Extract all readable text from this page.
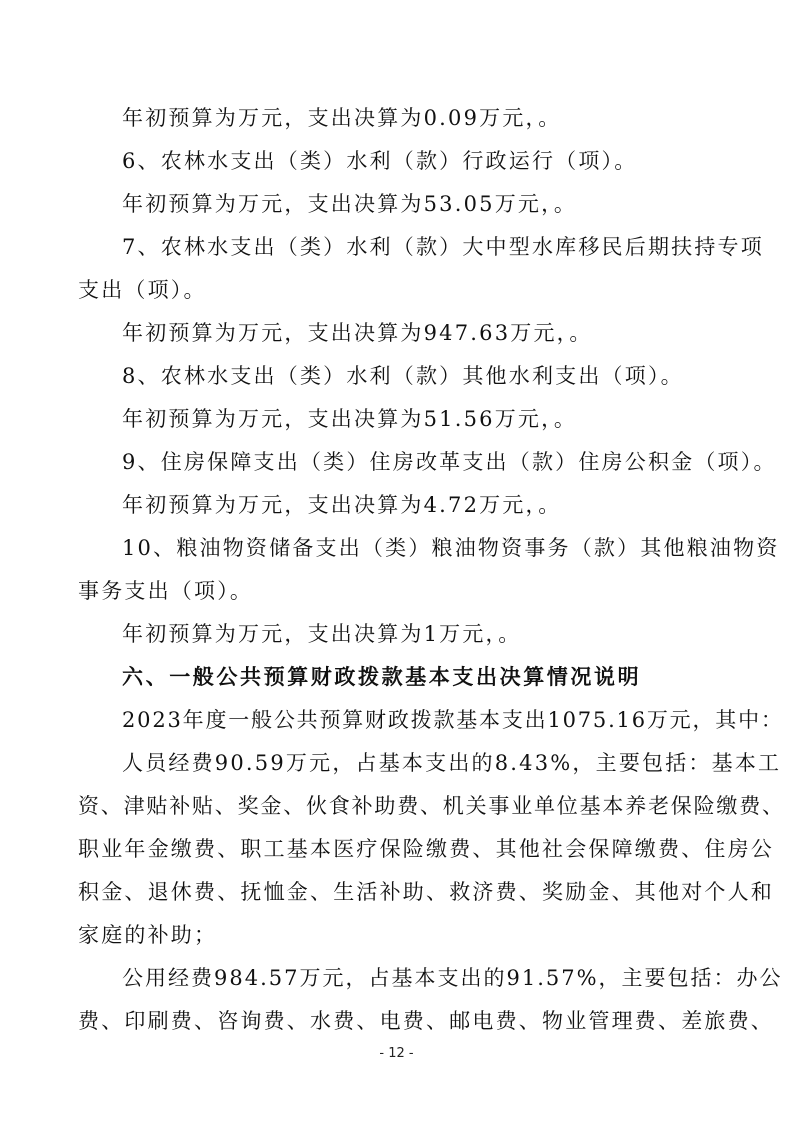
年初预算为万元，支出决算为0.09万元，。
6、农林水支出（类）水利（款）行政运行（项）。
年初预算为万元，支出决算为53.05万元，。
7、农林水支出（类）水利（款）大中型水库移民后期扶持专项
支出（项）。
年初预算为万元，支出决算为947.63万元，。
8、农林水支出（类）水利（款）其他水利支出（项）。
年初预算为万元，支出决算为51.56万元，。
9、住房保障支出（类）住房改革支出（款）住房公积金（项）。
年初预算为万元，支出决算为4.72万元，。
10、粮油物资储备支出（类）粮油物资事务（款）其他粮油物资
事务支出（项）。
年初预算为万元，支出决算为1万元，。
六、一般公共预算财政拨款基本支出决算情况说明
2023年度一般公共预算财政拨款基本支出1075.16万元，其中：
人员经费90.59万元，占基本支出的8.43%，主要包括：基本工
资、津贴补贴、奖金、伙食补助费、机关事业单位基本养老保险缴费、
职业年金缴费、职工基本医疗保险缴费、其他社会保障缴费、住房公
积金、退休费、抚恤金、生活补助、救济费、奖励金、其他对个人和
家庭的补助；
公用经费984.57万元，占基本支出的91.57%，主要包括：办公
费、印刷费、咨询费、水费、电费、邮电费、物业管理费、差旅费、
- 12 -
